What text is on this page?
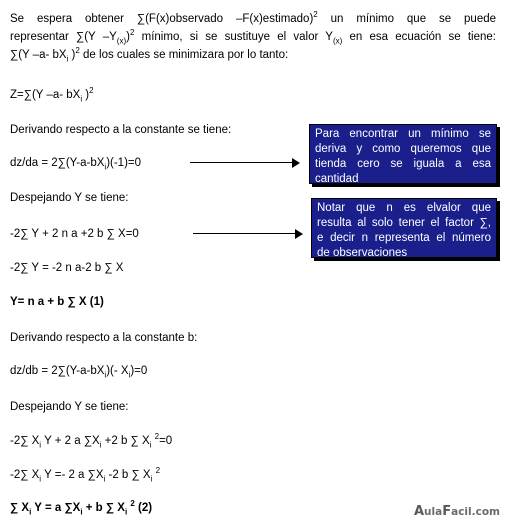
Se espera obtener ∑(F(x)observado –F(x)estimado)$^2$ un mínimo que se puede
representar ∑(Y $-Y_{(x)})^2$ mínimo, si se sustituye el valor $Y_{(x)}$ en esa ecuación se tiene:
∑(Y –a- $bX_i$ )$^2$ de los cuales se minimizara por lo tanto:
Z=∑(Y –a- $bX_i$ )$^2$
Derivando respecto a la constante se tiene:
$dz/da = 2\sum(Y-a-bX_i)(-1)=0$
Despejando Y se tiene:
-2∑ Y + 2 n a +2 b ∑ X=0
-2∑ Y = -2 n a-2 b ∑ X
Y= n a + b ∑ X (1)
Derivando respecto a la constante b:
$dz/db = 2\sum(Y-a-bX_i)(-$ $X_i)=0$
Despejando Y se tiene:
-2∑ $X_i$ Y + 2 a $\sum X_i +2$ b ∑ $X_i$ $^2$=0
-2∑ $X_i$ Y =- 2 a $\sum X_i$ -2 b ∑ $X_i$ $^2$
∑ $X_i$ Y = a $\sum X_i + b$ ∑ $X_i$ $^2$ (2)
Para encontrar un mínimo se
deriva y como queremos que
tienda cero se iguala a esa
cantidad
Notar que n es elvalor que
resulta al solo tener el factor ∑,
e decir n representa el número
de observaciones
AulaFacil.com
